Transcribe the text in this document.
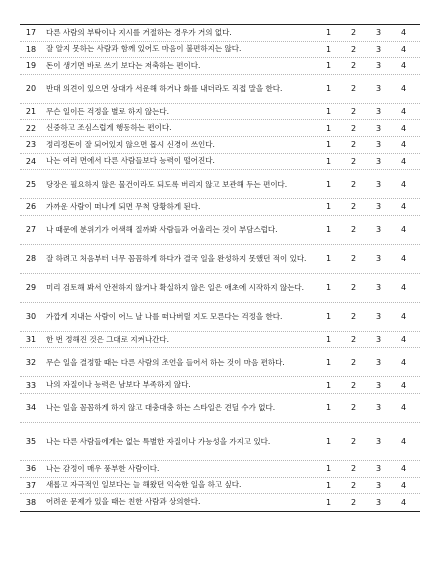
17	다른 사람의 부탁이나 지시를 거절하는 경우가 거의 없다.	1	2	3	4
18	잘 알지 못하는 사람과 함께 있어도 마음이 불편하지는 않다.	1	2	3	4
19	돈이 생기면 바로 쓰기 보다는 저축하는 편이다.	1	2	3	4
20	반대 의견이 있으면 상대가 서운해 하거나 화를 내더라도 직접 말을 한다.	1	2	3	4
21	무슨 일이든 걱정을 별로 하지 않는다.	1	2	3	4
22	신중하고 조심스럽게 행동하는 편이다.	1	2	3	4
23	정리정돈이 잘 되어있지 않으면 몹시 신경이 쓰인다.	1	2	3	4
24	나는 여러 면에서 다른 사람들보다 능력이 떨어진다.	1	2	3	4
25	당장은 필요하지 않은 물건이라도 되도록 버리지 않고 보관해 두는 편이다.	1	2	3	4
26	가까운 사람이 떠나게 되면 무척 당황하게 된다.	1	2	3	4
27	나 때문에 분위기가 어색해 질까봐 사람들과 어울리는 것이 부담스럽다.	1	2	3	4
28	잘 하려고 처음부터 너무 꼼꼼하게 하다가 결국 일을 완성하지 못했던 적이 있다.	1	2	3	4
29	미리 검토해 봐서 안전하지 않거나 확실하지 않은 일은 애초에 시작하지 않는다.	1	2	3	4
30	가깝게 지내는 사람이 어느 날 나를 떠나버릴 지도 모른다는 걱정을 한다.	1	2	3	4
31	한 번 정해진 것은 그대로 지켜나간다.	1	2	3	4
32	무슨 일을 결정할 때는 다른 사람의 조언을 들어서 하는 것이 마음 편하다.	1	2	3	4
33	나의 자질이나 능력은 남보다 부족하지 않다.	1	2	3	4
34	나는 일을 꼼꼼하게 하지 않고 대충대충 하는 스타일은 견딜 수가 없다.	1	2	3	4
35	나는 다른 사람들에게는 없는 특별한 자질이나 가능성을 가지고 있다.	1	2	3	4
36	나는 감정이 매우 풍부한 사람이다.	1	2	3	4
37	새롭고 자극적인 일보다는 늘 해왔던 익숙한 일을 하고 싶다.	1	2	3	4
38	어려운 문제가 있을 때는 친한 사람과 상의한다.	1	2	3	4
